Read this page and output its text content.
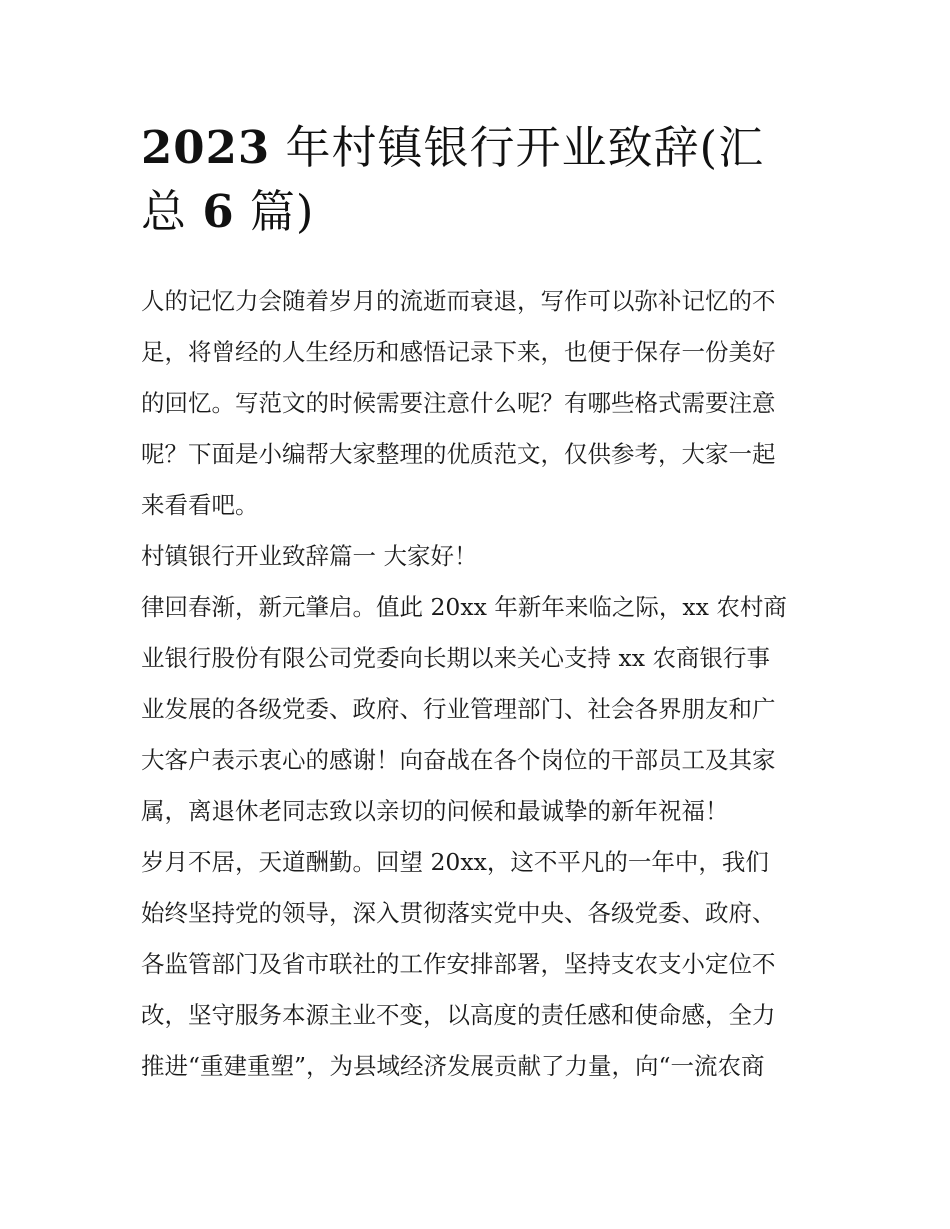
2023 年村镇银行开业致辞(汇
总 6 篇)
人的记忆力会随着岁月的流逝而衰退，写作可以弥补记忆的不
足，将曾经的人生经历和感悟记录下来，也便于保存一份美好
的回忆。写范文的时候需要注意什么呢？有哪些格式需要注意
呢？下面是小编帮大家整理的优质范文，仅供参考，大家一起
来看看吧。
村镇银行开业致辞篇一 大家好！
律回春渐，新元肇启。值此 20xx 年新年来临之际，xx 农村商
业银行股份有限公司党委向长期以来关心支持 xx 农商银行事
业发展的各级党委、政府、行业管理部门、社会各界朋友和广
大客户表示衷心的感谢！向奋战在各个岗位的干部员工及其家
属，离退休老同志致以亲切的问候和最诚挚的新年祝福！
岁月不居，天道酬勤。回望 20xx，这不平凡的一年中，我们
始终坚持党的领导，深入贯彻落实党中央、各级党委、政府、
各监管部门及省市联社的工作安排部署，坚持支农支小定位不
改，坚守服务本源主业不变，以高度的责任感和使命感，全力
推进“重建重塑”，为县域经济发展贡献了力量，向“一流农商
